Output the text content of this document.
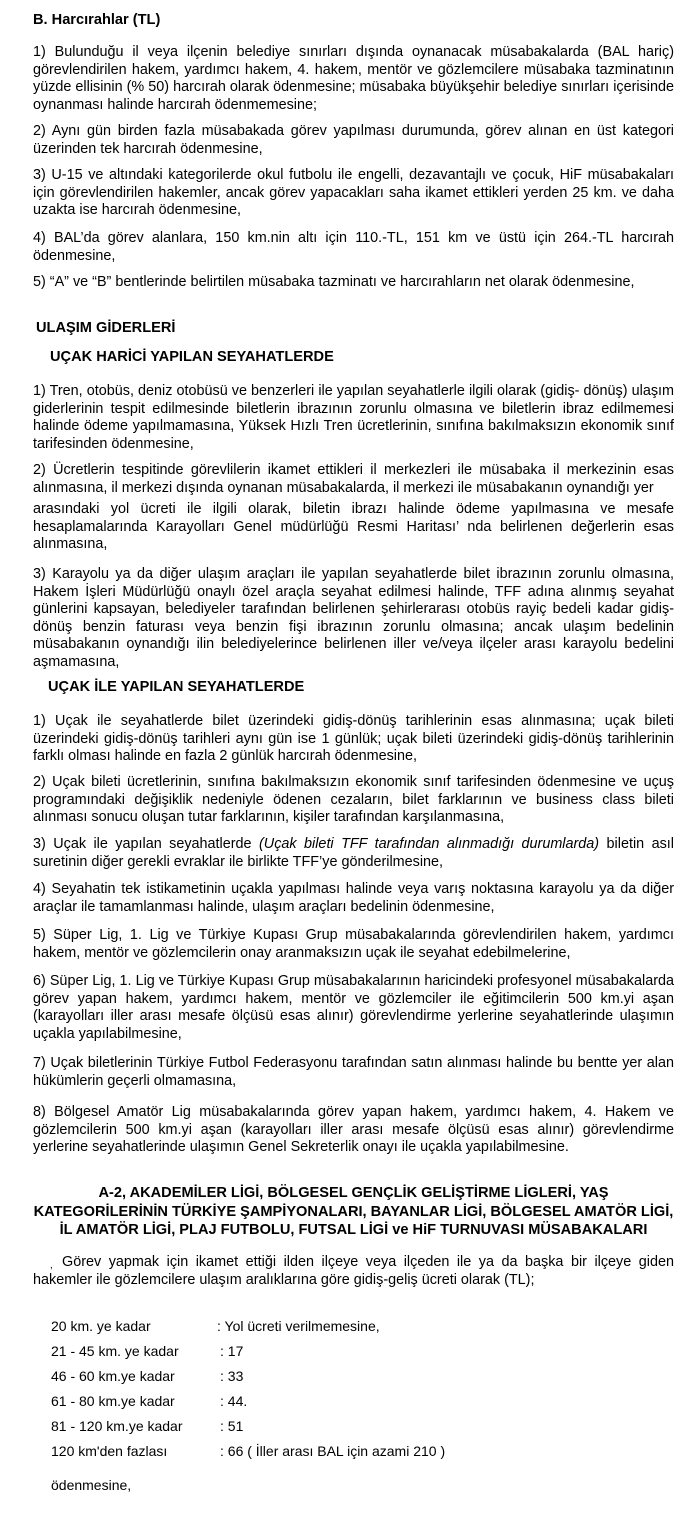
B. Harcırahlar (TL)
1) Bulunduğu il veya ilçenin belediye sınırları dışında oynanacak müsabakalarda (BAL hariç) görevlendirilen hakem, yardımcı hakem, 4. hakem, mentör ve gözlemcilere müsabaka tazminatının yüzde ellisinin (% 50) harcırah olarak ödenmesine; müsabaka büyükşehir belediye sınırları içerisinde oynanması halinde harcırah ödenmemesine;
2) Aynı gün birden fazla müsabakada görev yapılması durumunda, görev alınan en üst kategori üzerinden tek harcırah ödenmesine,
3) U-15 ve altındaki kategorilerde okul futbolu ile engelli, dezavantajlı ve çocuk, HiF müsabakaları için görevlendirilen hakemler, ancak görev yapacakları saha ikamet ettikleri yerden 25 km. ve daha uzakta ise harcırah ödenmesine,
4) BAL’da görev alanlara, 150 km.nin altı için 110.-TL, 151 km ve üstü için 264.-TL harcırah ödenmesine,
5) “A” ve “B” bentlerinde belirtilen müsabaka tazminatı ve harcırahların net olarak ödenmesine,
ULAŞIM GİDERLERİ
UÇAK HARİCİ YAPILAN SEYAHATLERDE
1) Tren, otobüs, deniz otobüsü ve benzerleri ile yapılan seyahatlerle ilgili olarak (gidiş- dönüş) ulaşım giderlerinin tespit edilmesinde biletlerin ibrazının zorunlu olmasına ve biletlerin ibraz edilmemesi halinde ödeme yapılmamasına, Yüksek Hızlı Tren ücretlerinin, sınıfına bakılmaksızın ekonomik sınıf tarifesinden ödenmesine,
2) Ücretlerin tespitinde görevlilerin ikamet ettikleri il merkezleri ile müsabaka il merkezinin esas alınmasına, il merkezi dışında oynanan müsabakalarda, il merkezi ile müsabakanın oynandığı yer
arasındaki yol ücreti ile ilgili olarak, biletin ibrazı halinde ödeme yapılmasına ve mesafe hesaplamalarında Karayolları Genel müdürlüğü Resmi Haritası’ nda belirlenen değerlerin esas alınmasına,
3) Karayolu ya da diğer ulaşım araçları ile yapılan seyahatlerde bilet ibrazının zorunlu olmasına, Hakem İşleri Müdürlüğü onaylı özel araçla seyahat edilmesi halinde, TFF adına alınmış seyahat günlerini kapsayan, belediyeler tarafından belirlenen şehirlerarası otobüs rayiç bedeli kadar gidiş-dönüş benzin faturası veya benzin fişi ibrazının zorunlu olmasına; ancak ulaşım bedelinin müsabakanın oynandığı ilin belediyelerince belirlenen iller ve/veya ilçeler arası karayolu bedelini aşmamasına,
UÇAK İLE YAPILAN SEYAHATLERDE
1) Uçak ile seyahatlerde bilet üzerindeki gidiş-dönüş tarihlerinin esas alınmasına; uçak bileti üzerindeki gidiş-dönüş tarihleri aynı gün ise 1 günlük; uçak bileti üzerindeki gidiş-dönüş tarihlerinin farklı olması halinde en fazla 2 günlük harcırah ödenmesine,
2) Uçak bileti ücretlerinin, sınıfına bakılmaksızın ekonomik sınıf tarifesinden ödenmesine ve uçuş programındaki değişiklik nedeniyle ödenen cezaların, bilet farklarının ve business class bileti alınması sonucu oluşan tutar farklarının, kişiler tarafından karşılanmasına,
3) Uçak ile yapılan seyahatlerde (Uçak bileti TFF tarafından alınmadığı durumlarda) biletin asıl suretinin diğer gerekli evraklar ile birlikte TFF’ye gönderilmesine,
4) Seyahatin tek istikametinin uçakla yapılması halinde veya varış noktasına karayolu ya da diğer araçlar ile tamamlanması halinde, ulaşım araçları bedelinin ödenmesine,
5) Süper Lig, 1. Lig ve Türkiye Kupası Grup müsabakalarında görevlendirilen hakem, yardımcı hakem, mentör ve gözlemcilerin onay aranmaksızın uçak ile seyahat edebilmelerine,
6) Süper Lig, 1. Lig ve Türkiye Kupası Grup müsabakalarının haricindeki profesyonel müsabakalarda görev yapan hakem, yardımcı hakem, mentör ve gözlemciler ile eğitimcilerin 500 km.yi aşan (karayolları iller arası mesafe ölçüsü esas alınır) görevlendirme yerlerine seyahatlerinde ulaşımın uçakla yapılabilmesine,
7) Uçak biletlerinin Türkiye Futbol Federasyonu tarafından satın alınması halinde bu bentte yer alan hükümlerin geçerli olmamasına,
8) Bölgesel Amatör Lig müsabakalarında görev yapan hakem, yardımcı hakem, 4. Hakem ve gözlemcilerin 500 km.yi aşan (karayolları iller arası mesafe ölçüsü esas alınır) görevlendirme yerlerine seyahatlerinde ulaşımın Genel Sekreterlik onayı ile uçakla yapılabilmesine.
A-2, AKADEMİLER LİGİ, BÖLGESEL GENÇLİK GELİŞTİRME LİGLERİ, YAŞ KATEGORİLERİNİN TÜRKİYE ŞAMPİYONALARI, BAYANLAR LİGİ, BÖLGESEL AMATÖR LİGİ, İL AMATÖR LİGİ, PLAJ FUTBOLU, FUTSAL LİGİ ve HiF TURNUVASI MÜSABAKALARI
, Görev yapmak için ikamet ettiği ilden ilçeye veya ilçeden ile ya da başka bir ilçeye giden hakemler ile gözlemcilere ulaşım aralıklarına göre gidiş-geliş ücreti olarak (TL);
20 km. ye kadar	: Yol ücreti verilmemesine,
21 - 45 km. ye kadar	: 17
46 - 60 km.ye kadar	: 33
61 - 80 km.ye kadar	: 44.
81 - 120 km.ye kadar	: 51
120 km'den fazlası	: 66 ( İller arası BAL için azami 210 )
ödenmesine,
